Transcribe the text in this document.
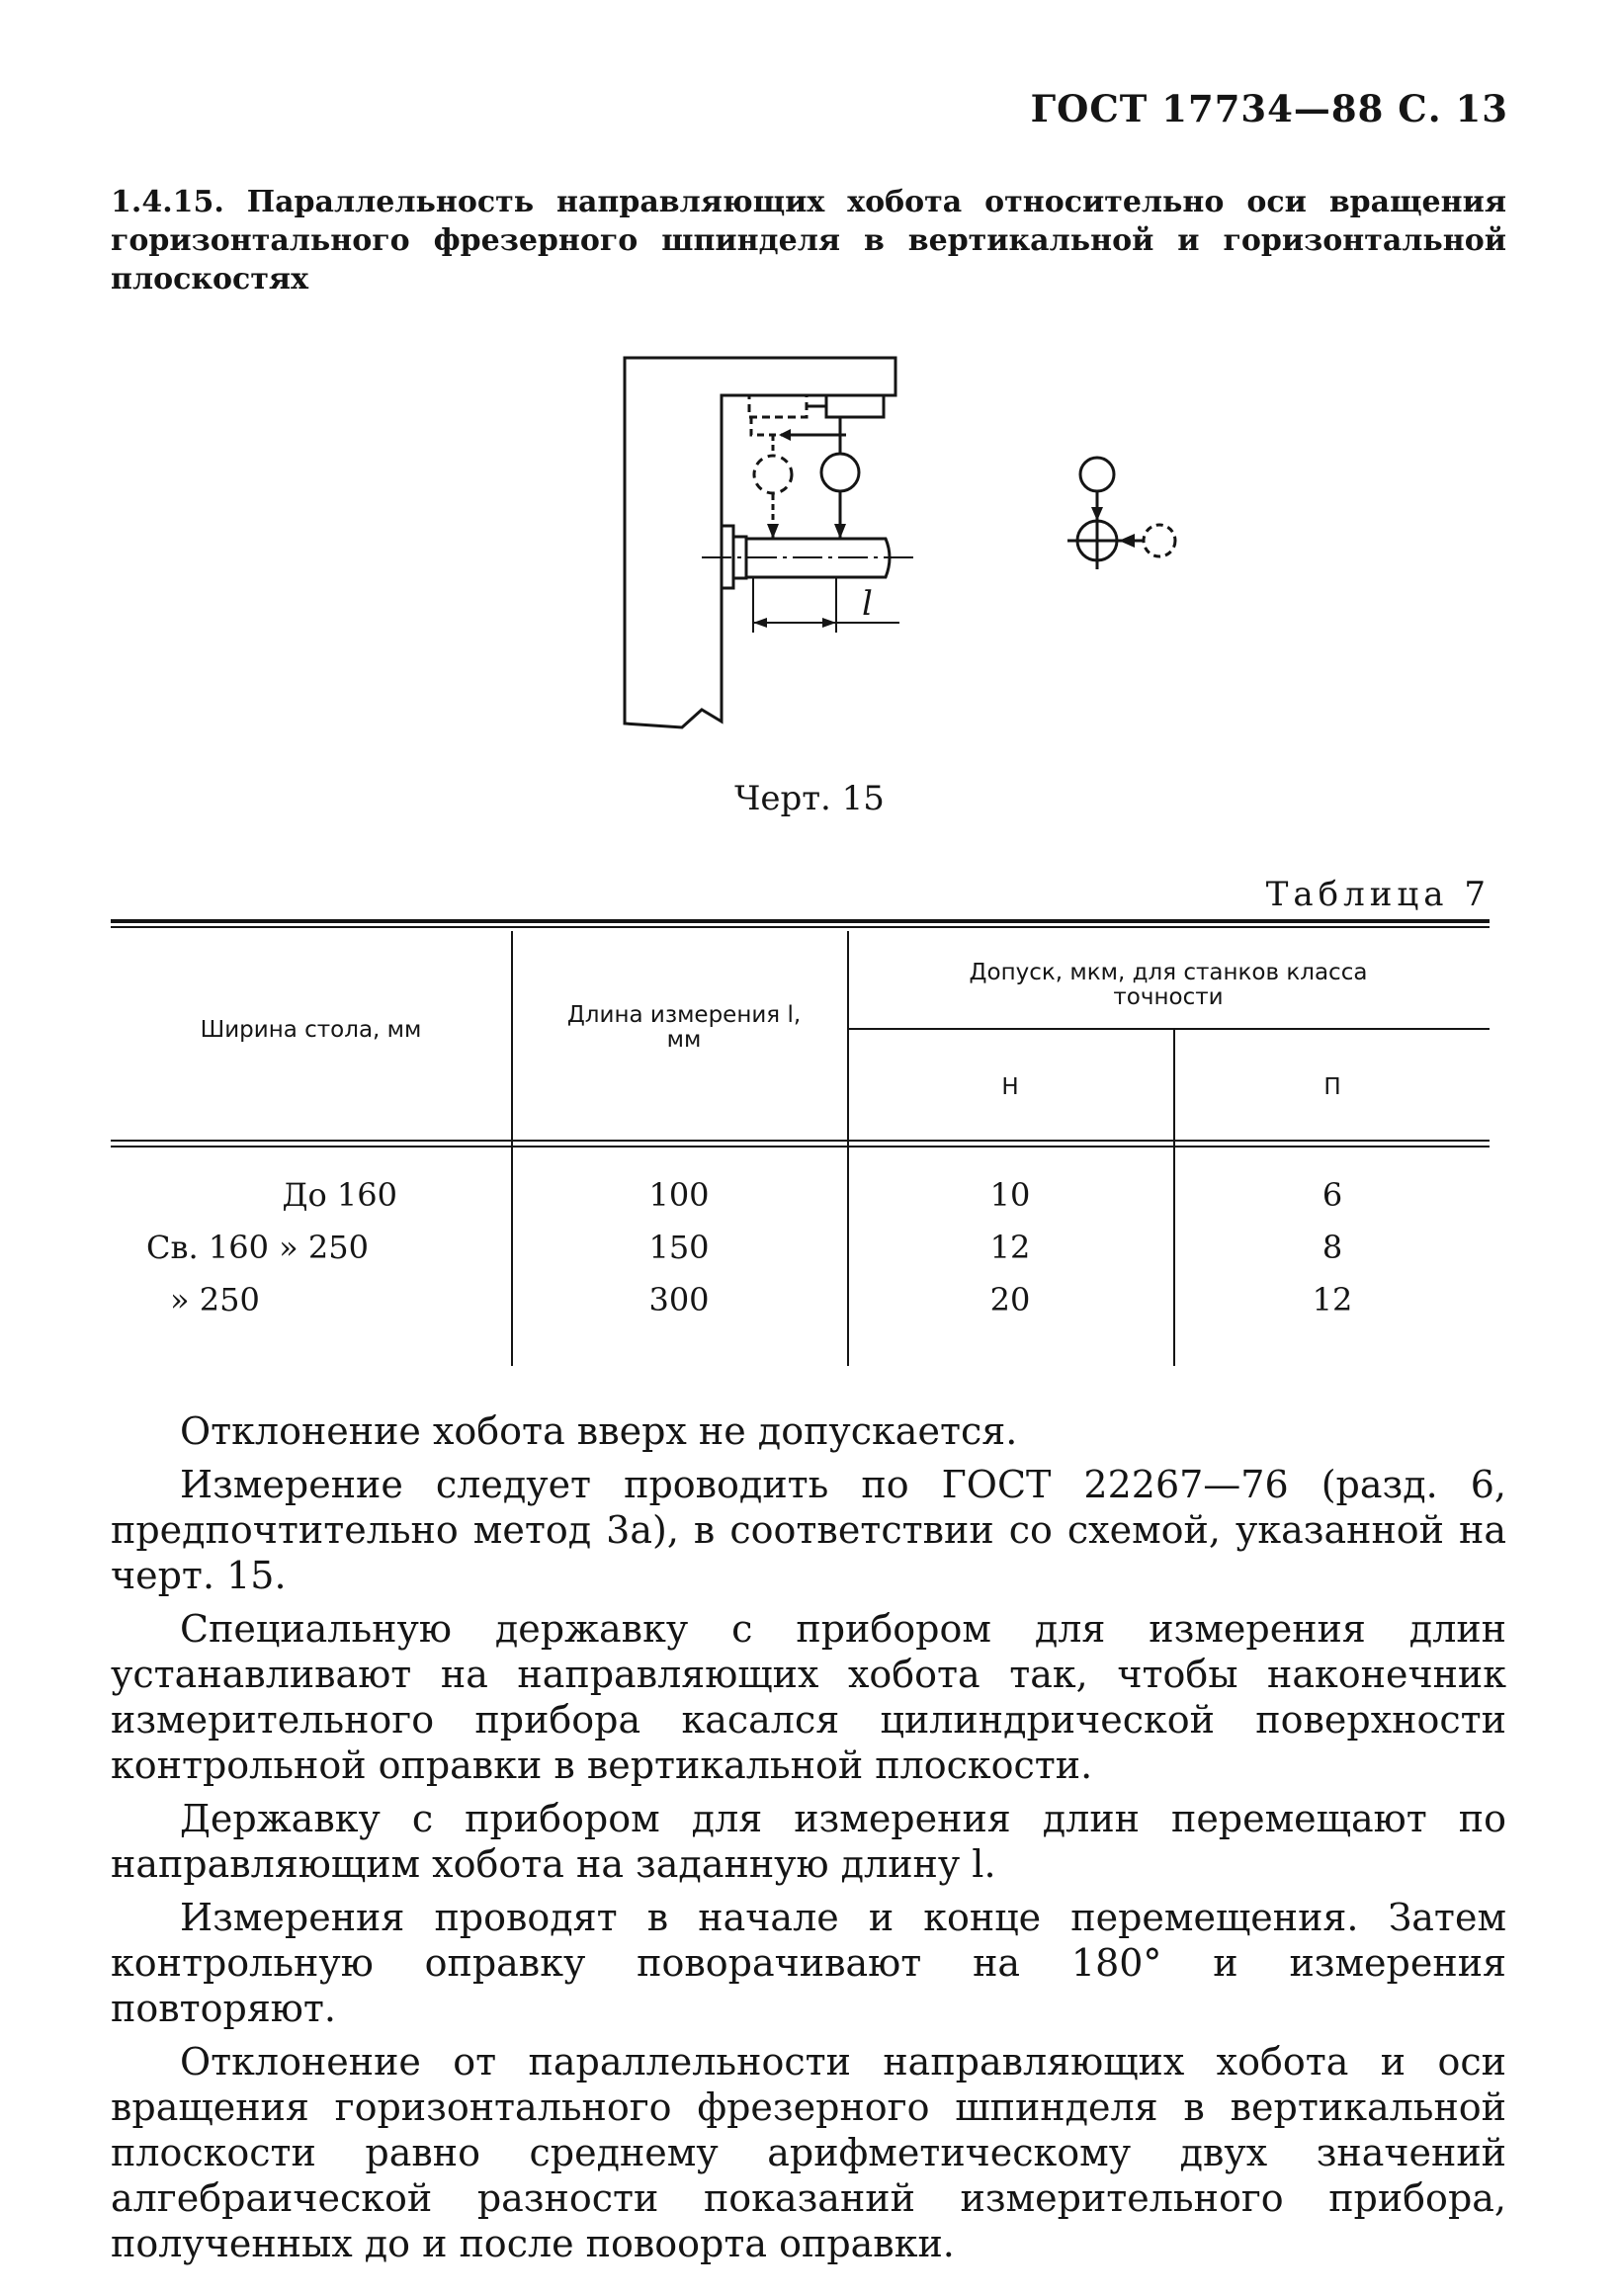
ГОСТ 17734—88 С. 13
1.4.15. Параллельность направляющих хобота относительно оси вращения горизонтального фрезерного шпинделя в вертикальной и горизонтальной плоскостях
l
Черт. 15
Таблица 7
Ширина стола, мм
Длина измерения l, мм
Допуск, мкм, для станков класса точности
Н	П
До 160	100	10	6
Св. 160 » 250	150	12	8
» 250	300	20	12

Отклонение хобота вверх не допускается.

Измерение следует проводить по ГОСТ 22267—76 (разд. 6, предпочтительно метод 3а), в соответствии со схемой, указанной на черт. 15.

Специальную державку с прибором для измерения длин устанавливают на направляющих хобота так, чтобы наконечник измерительного прибора касался цилиндрической поверхности контрольной оправки в вертикальной плоскости.

Державку с прибором для измерения длин перемещают по направляющим хобота на заданную длину l.

Измерения проводят в начале и конце перемещения. Затем контрольную оправку поворачивают на 180° и измерения повторяют.

Отклонение от параллельности направляющих хобота и оси вращения горизонтального фрезерного шпинделя в вертикальной плоскости равно среднему арифметическому двух значений алгебраической разности показаний измерительного прибора, полученных до и после повоорта оправки.
